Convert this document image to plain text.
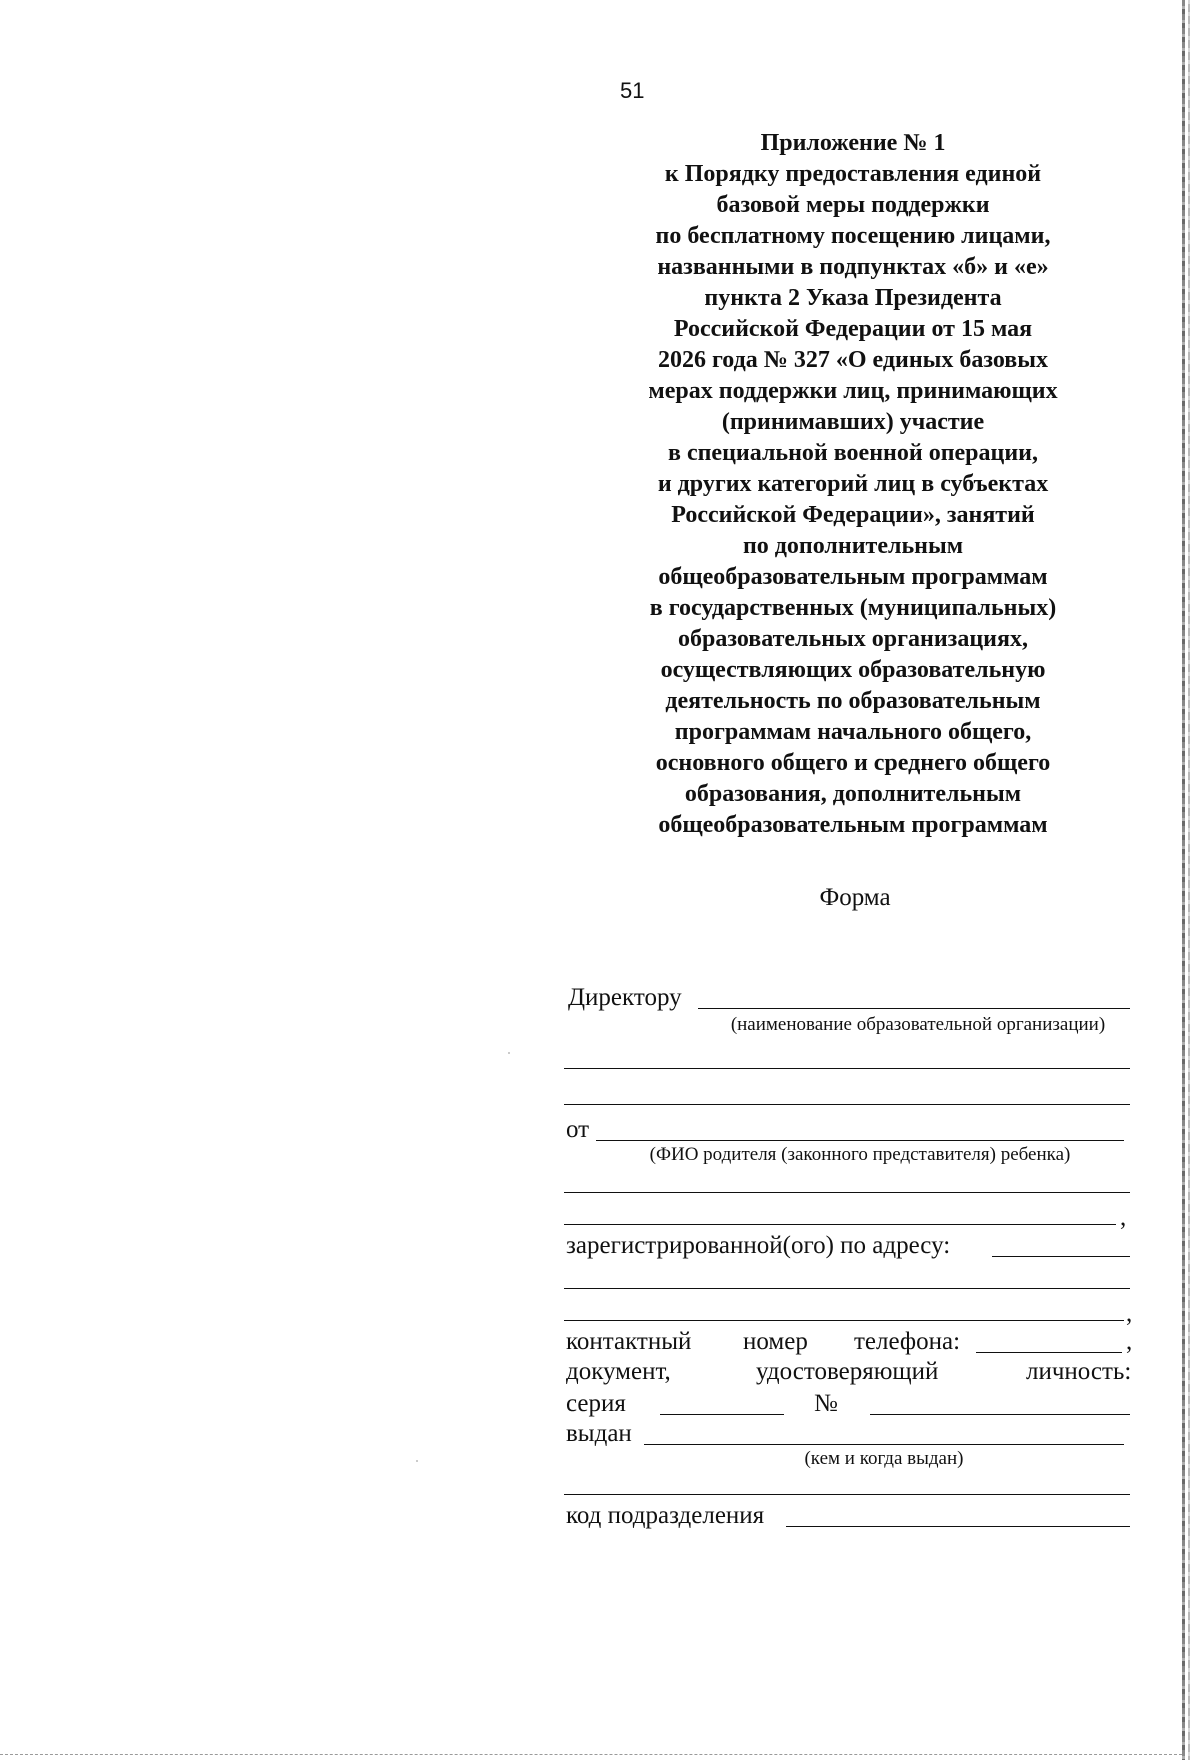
51
Приложение № 1
к Порядку предоставления единой
базовой меры поддержки
по бесплатному посещению лицами,
названными в подпунктах «б» и «е»
пункта 2 Указа Президента
Российской Федерации от 15 мая
2026 года № 327 «О единых базовых
мерах поддержки лиц, принимающих
(принимавших) участие
в специальной военной операции,
и других категорий лиц в субъектах
Российской Федерации», занятий
по дополнительным
общеобразовательным программам
в государственных (муниципальных)
образовательных организациях,
осуществляющих образовательную
деятельность по образовательным
программам начального общего,
основного общего и среднего общего
образования, дополнительным
общеобразовательным программам
Форма
Директору
(наименование образовательной организации)
от
(ФИО родителя (законного представителя) ребенка)
,
зарегистрированной(ого) по адресу:
,
контактный номер телефона:	,
документ,	удостоверяющий	личность:
серия	№
выдан
(кем и когда выдан)
код подразделения
